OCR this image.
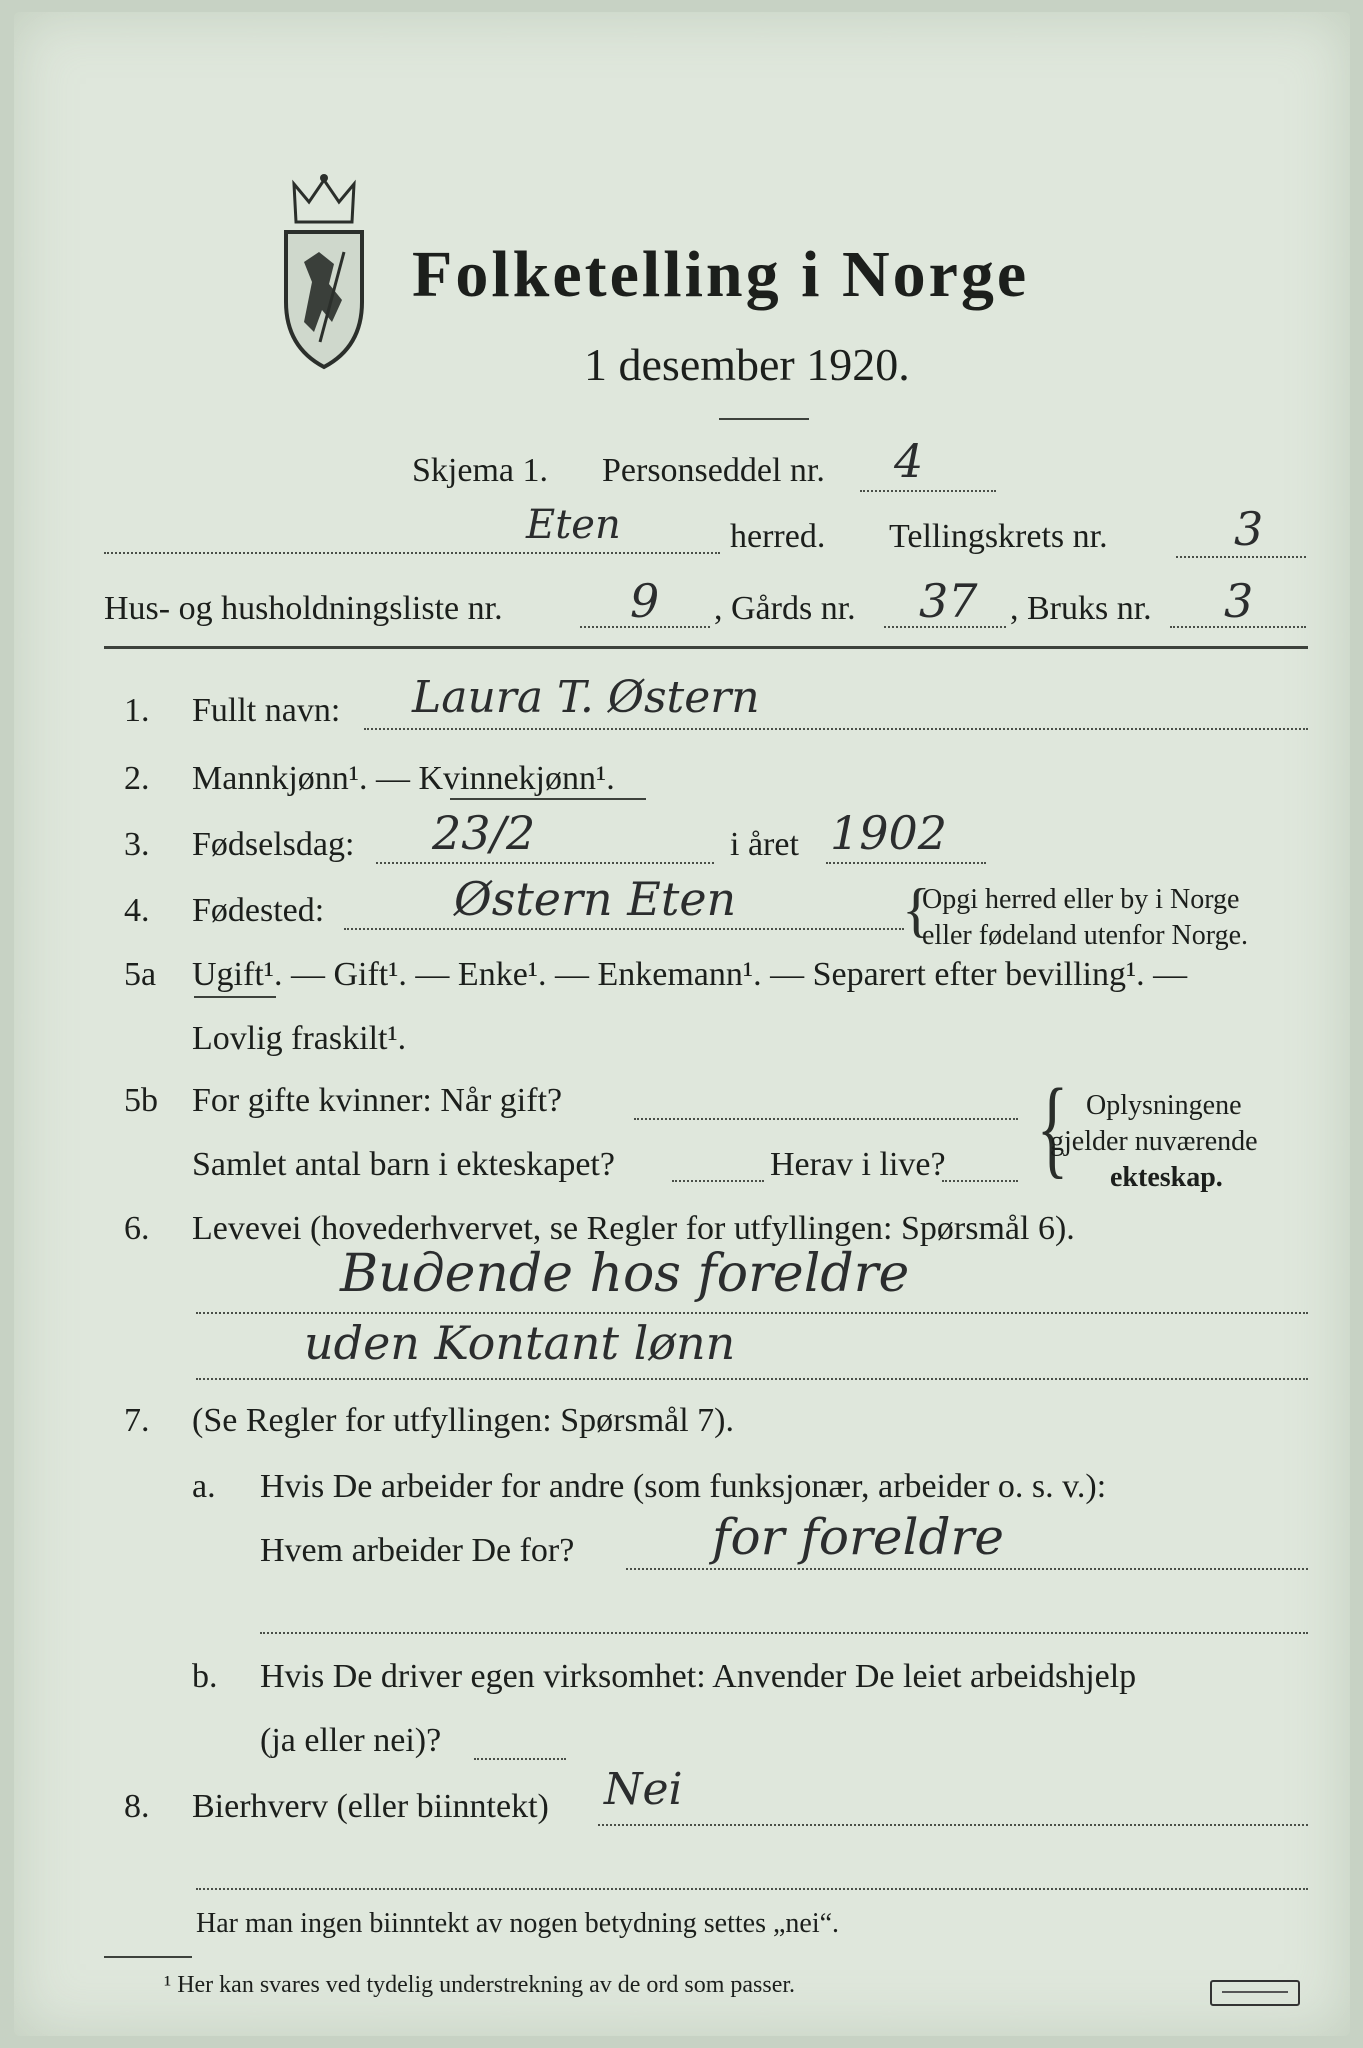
Folketelling i Norge
1 desember 1920.
Skjema 1. Personseddel nr. 4
Eten	herred. Tellingskrets nr.	3
Hus- og husholdningsliste nr.	9 , Gårds nr. 37 , Bruks nr. 3
1. Fullt navn: Laura T. Østern
2. Mannkjønn¹. — Kvinnekjønn¹.
3. Fødselsdag: 23/2	i året 1902
4. Fødested:	Østern Eten	{
Opgi herred eller by i Norge
eller fødeland utenfor Norge.
5a Ugift¹. — Gift¹. — Enke¹. — Enkemann¹. — Separert efter bevilling¹. —
Lovlig fraskilt¹.
5b For gifte kvinner: Når gift?
Samlet antal barn i ekteskapet?	Herav i live? { Oplysningene
gjelder nuværende
ekteskap.
6. Levevei (hovederhvervet, se Regler for utfyllingen: Spørsmål 6).
Bидende hos foreldre
uden Kontant lønn
7. (Se Regler for utfyllingen: Spørsmål 7).
a. Hvis De arbeider for andre (som funksjonær, arbeider o. s. v.):
Hvem arbeider De for?	for foreldre
b. Hvis De driver egen virksomhet: Anvender De leiet arbeidshjelp
(ja eller nei)?
8. Bierhverv (eller biinntekt) Nei
Har man ingen biinntekt av nogen betydning settes „nei“.
¹ Her kan svares ved tydelig understrekning av de ord som passer.
